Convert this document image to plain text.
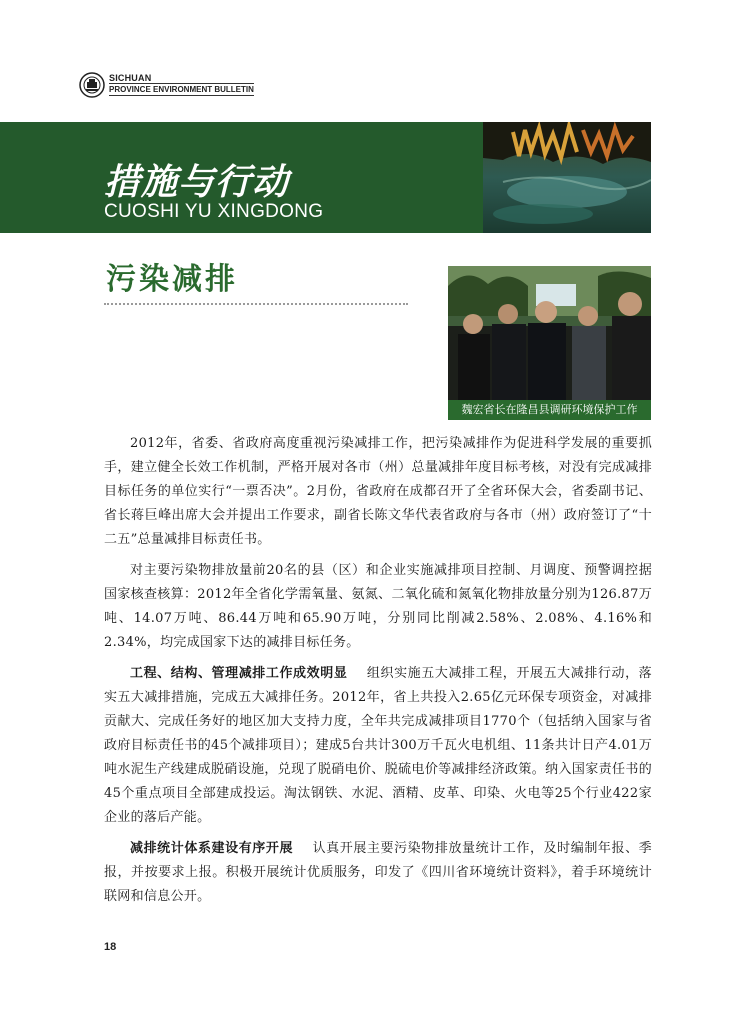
SICHUAN
PROVINCE ENVIRONMENT BULLETIN
措施与行动
CUOSHI YU XINGDONG
污染减排
魏宏省长在隆昌县调研环境保护工作

2012年，省委、省政府高度重视污染减排工作，把污染减排作为促进科学发展的重要抓手，建立健全长效工作机制，严格开展对各市（州）总量减排年度目标考核，对没有完成减排目标任务的单位实行“一票否决”。2月份，省政府在成都召开了全省环保大会，省委副书记、省长蒋巨峰出席大会并提出工作要求，副省长陈文华代表省政府与各市（州）政府签订了“十二五”总量减排目标责任书。

对主要污染物排放量前20名的县（区）和企业实施减排项目控制、月调度、预警调控据国家核查核算：2012年全省化学需氧量、氨氮、二氧化硫和氮氧化物排放量分别为126.87万吨、14.07万吨、86.44万吨和65.90万吨，分别同比削减2.58%、2.08%、4.16%和2.34%，均完成国家下达的减排目标任务。

工程、结构、管理减排工作成效明显 组织实施五大减排工程，开展五大减排行动，落实五大减排措施，完成五大减排任务。2012年，省上共投入2.65亿元环保专项资金，对减排贡献大、完成任务好的地区加大支持力度，全年共完成减排项目1770个（包括纳入国家与省政府目标责任书的45个减排项目）；建成5台共计300万千瓦火电机组、11条共计日产4.01万吨水泥生产线建成脱硝设施，兑现了脱硝电价、脱硫电价等减排经济政策。纳入国家责任书的45个重点项目全部建成投运。淘汰钢铁、水泥、酒精、皮革、印染、火电等25个行业422家企业的落后产能。

减排统计体系建设有序开展 认真开展主要污染物排放量统计工作，及时编制年报、季报，并按要求上报。积极开展统计优质服务，印发了《四川省环境统计资料》，着手环境统计联网和信息公开。

18
